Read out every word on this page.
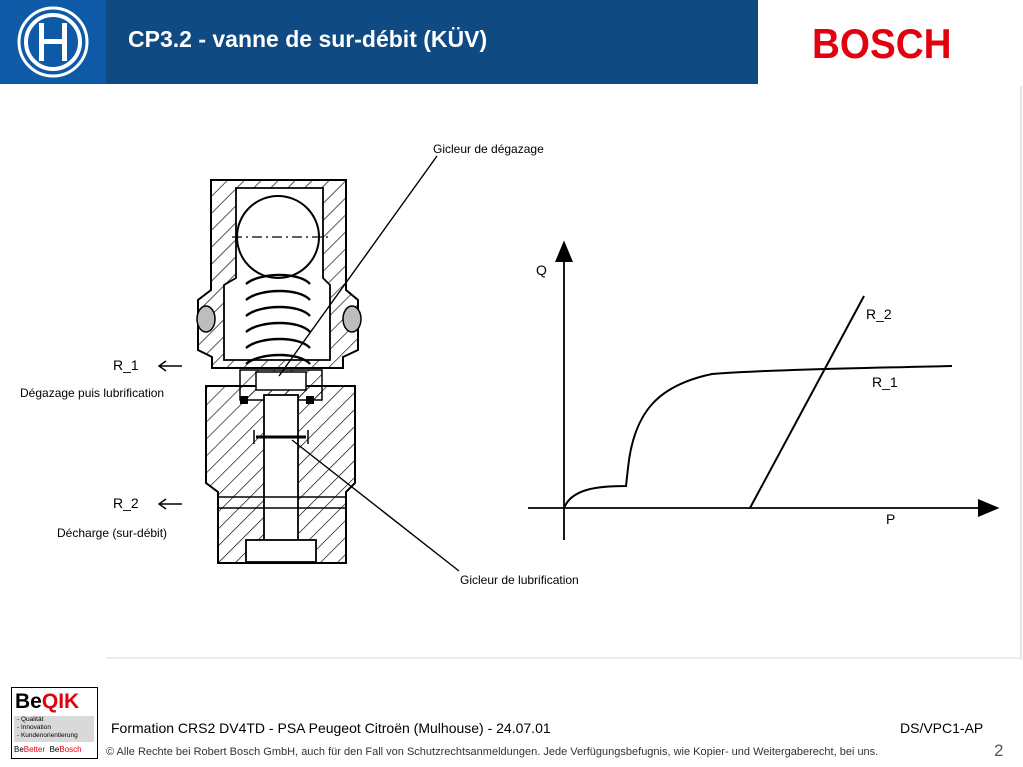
CP3.2 - vanne de sur-débit (KÜV)	BOSCH
Gicleur de dégazage
R_1
Dégazage puis lubrification
R_2
Décharge (sur-débit)
Gicleur de lubrification
Q
P
R_2
R_1
BeQIK
- Qualität
- Innovation
- Kundenorientierung
BeBetter BeBosch
Formation CRS2 DV4TD - PSA Peugeot Citroën (Mulhouse) - 24.07.01	DS/VPC1-AP
© Alle Rechte bei Robert Bosch GmbH, auch für den Fall von Schutzrechtsanmeldungen. Jede Verfügungsbefugnis, wie Kopier- und Weitergaberecht, bei uns.	2
